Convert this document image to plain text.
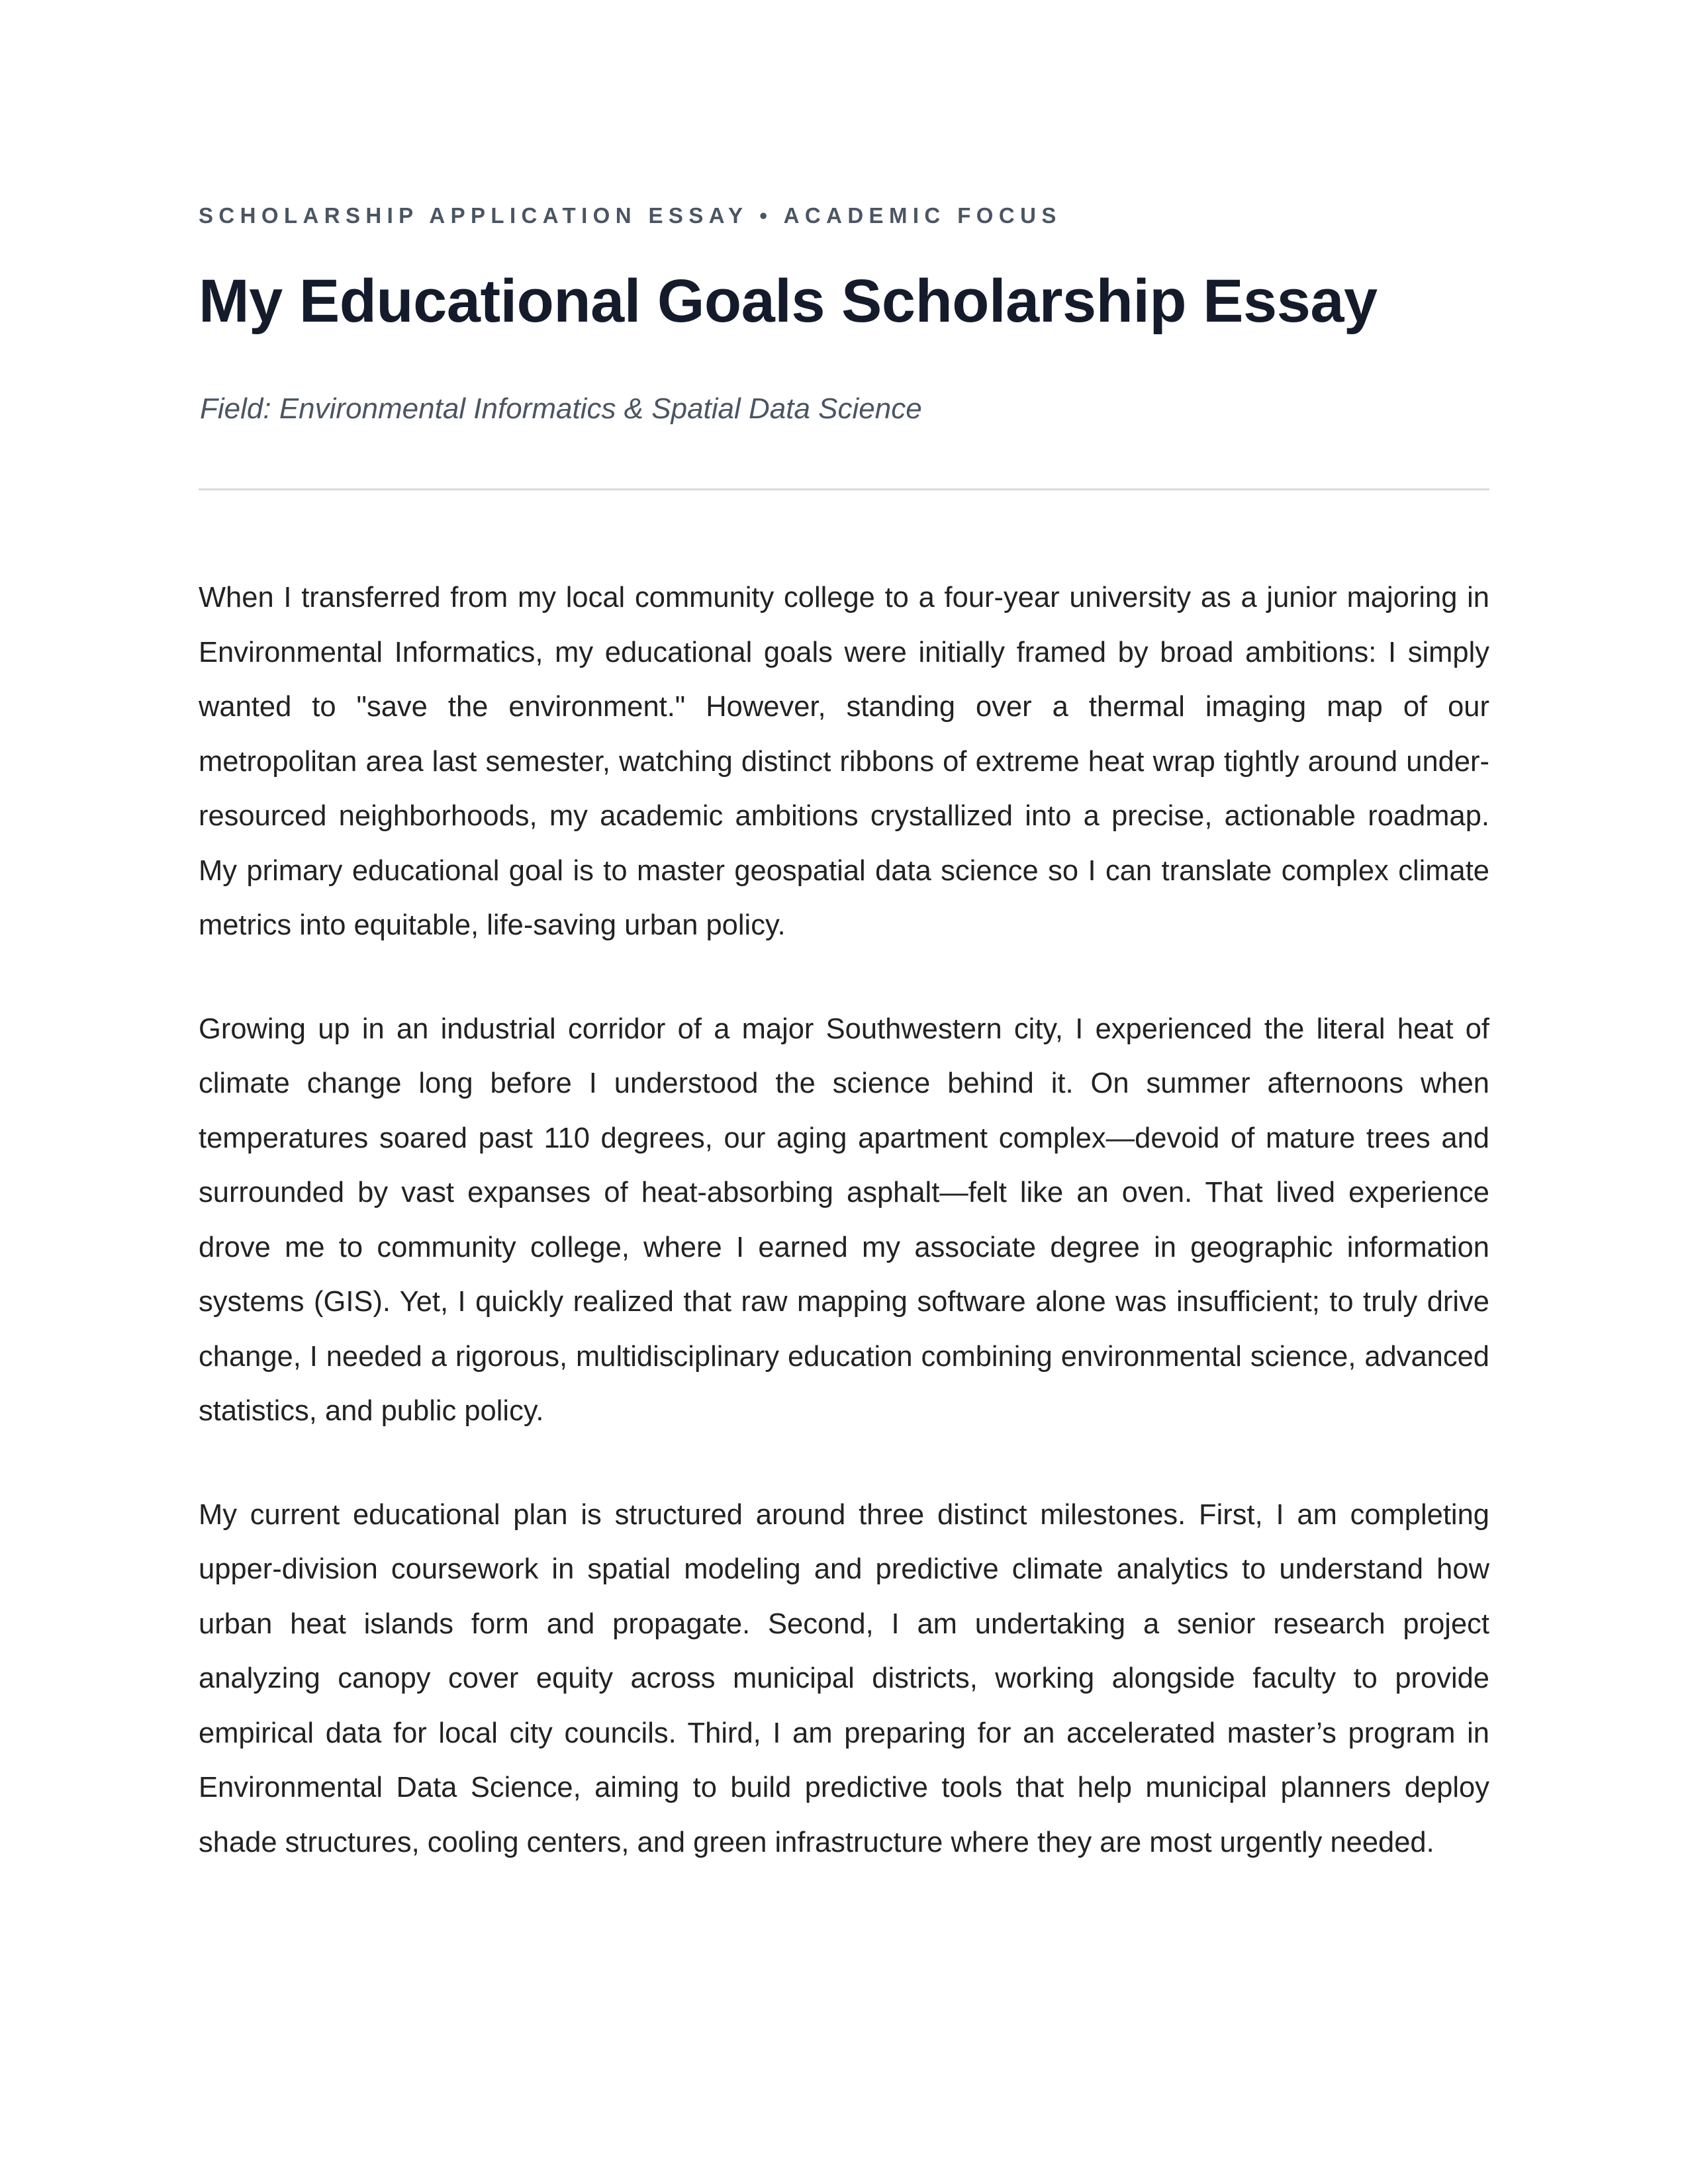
SCHOLARSHIP APPLICATION ESSAY • ACADEMIC FOCUS
My Educational Goals Scholarship Essay
Field: Environmental Informatics & Spatial Data Science

When I transferred from my local community college to a four-year university as a junior majoring in Environmental Informatics, my educational goals were initially framed by broad ambitions: I simply wanted to "save the environment." However, standing over a thermal imaging map of our metropolitan area last semester, watching distinct ribbons of extreme heat wrap tightly around under-resourced neighborhoods, my academic ambitions crystallized into a precise, actionable roadmap. My primary educational goal is to master geospatial data science so I can translate complex climate metrics into equitable, life-saving urban policy.

Growing up in an industrial corridor of a major Southwestern city, I experienced the literal heat of climate change long before I understood the science behind it. On summer afternoons when temperatures soared past 110 degrees, our aging apartment complex—devoid of mature trees and surrounded by vast expanses of heat-absorbing asphalt—felt like an oven. That lived experience drove me to community college, where I earned my associate degree in geographic information systems (GIS). Yet, I quickly realized that raw mapping software alone was insufficient; to truly drive change, I needed a rigorous, multidisciplinary education combining environmental science, advanced statistics, and public policy.

My current educational plan is structured around three distinct milestones. First, I am completing upper-division coursework in spatial modeling and predictive climate analytics to understand how urban heat islands form and propagate. Second, I am undertaking a senior research project analyzing canopy cover equity across municipal districts, working alongside faculty to provide empirical data for local city councils. Third, I am preparing for an accelerated master’s program in Environmental Data Science, aiming to build predictive tools that help municipal planners deploy shade structures, cooling centers, and green infrastructure where they are most urgently needed.
